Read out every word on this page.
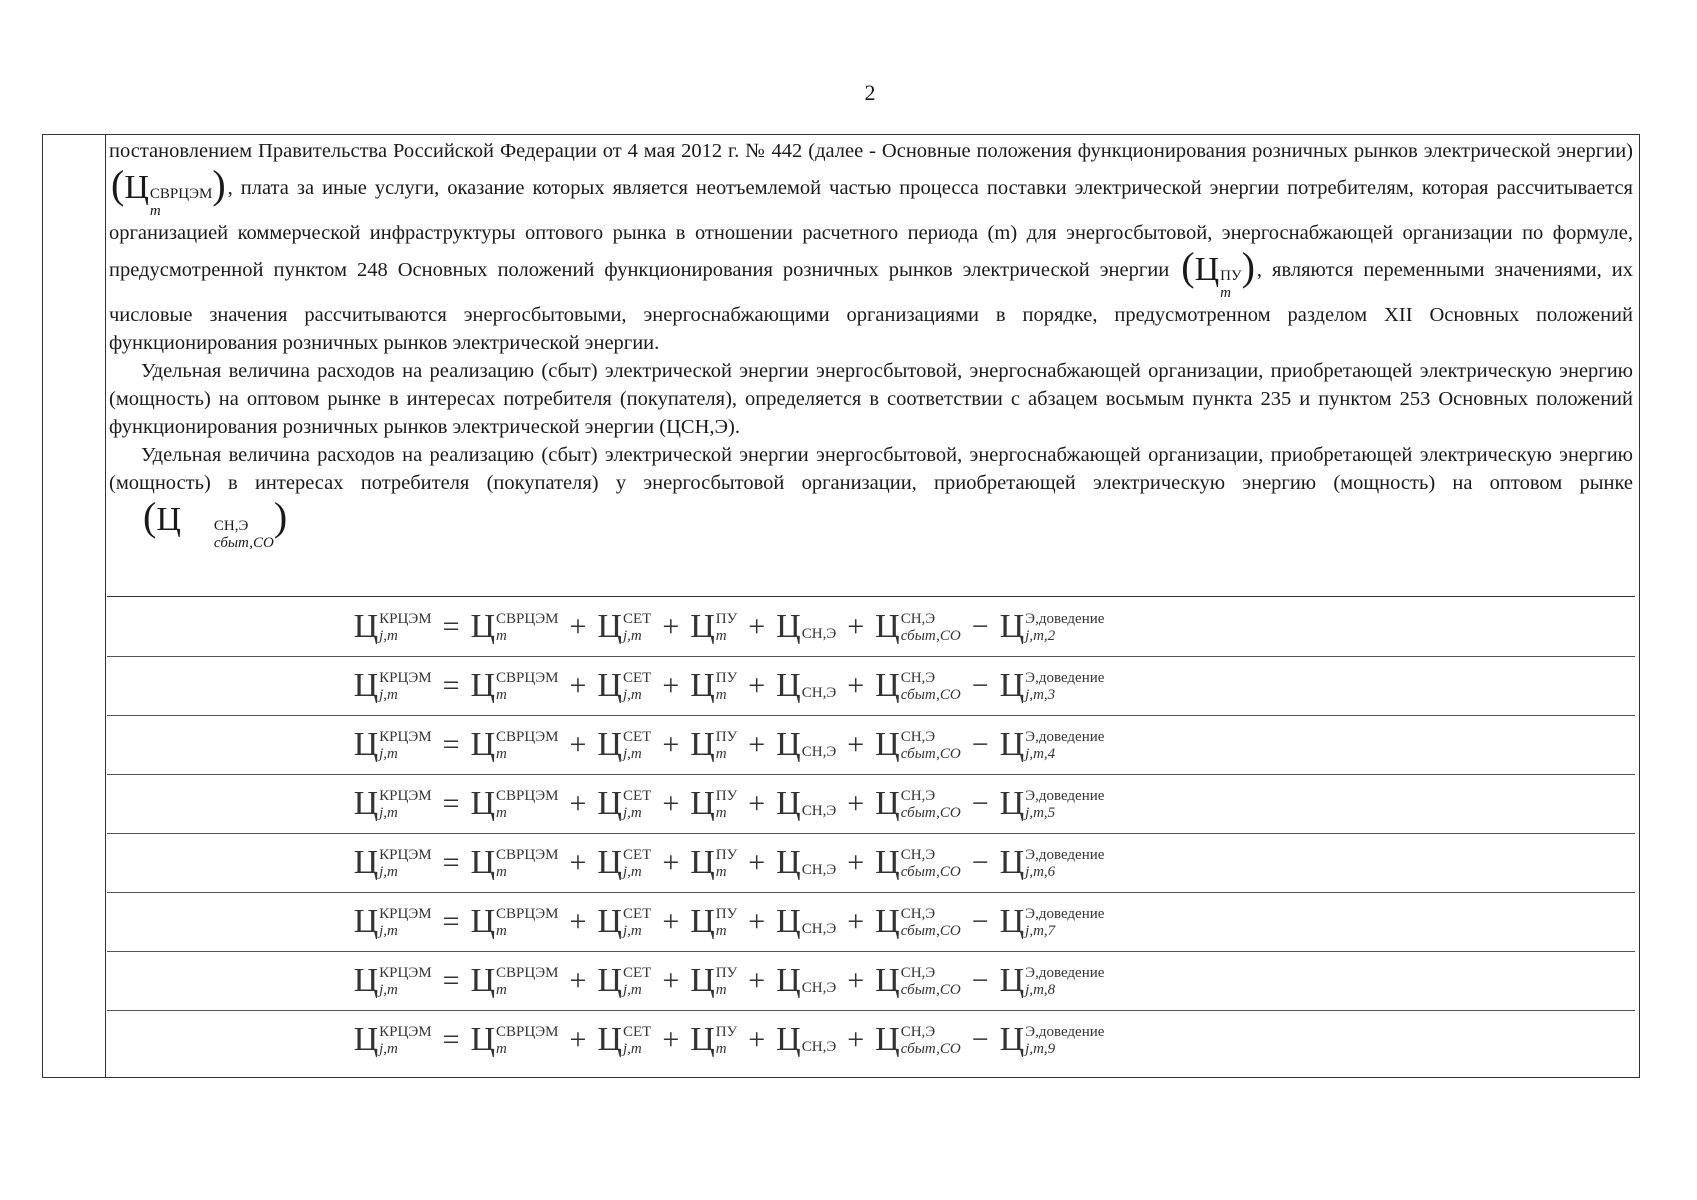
2

постановлением Правительства Российской Федерации от 4 мая 2012 г. № 442 (далее - Основные положения функционирования розничных рынков электрической энергии) (Ц СВРЦЭМ
m
), плата за иные услуги, оказание которых является неотъемлемой частью процесса поставки электрической энергии потребителям, которая рассчитывается организацией коммерческой инфраструктуры оптового рынка в отношении расчетного периода (m) для энергосбытовой, энергоснабжающей организации по формуле, предусмотренной пунктом 248 Основных положений функционирования розничных рынков электрической энергии (Ц ПУ
m
), являются переменными значениями, их числовые значения рассчитываются энергосбытовыми, энергоснабжающими организациями в порядке, предусмотренном разделом XII Основных положений функционирования розничных рынков электрической энергии.

Удельная величина расходов на реализацию (сбыт) электрической энергии энергосбытовой, энергоснабжающей организации, приобретающей электрическую энергию (мощность) на оптовом рынке в интересах потребителя (покупателя), определяется в соответствии с абзацем восьмым пункта 235 и пунктом 253 Основных положений функционирования розничных рынков электрической энергии (ЦСН,Э).

Удельная величина расходов на реализацию (сбыт) электрической энергии энергосбытовой, энергоснабжающей организации, приобретающей электрическую энергию (мощность) в интересах потребителя (покупателя) у энергосбытовой организации, приобретающей электрическую энергию (мощность) на оптовом рынке (Ц	СН,Э
сбыт,СО
)

Ц КРЦЭМ
j,m	= Ц СВРЦЭМ
m	+ Ц СЕТ
j,m + Ц ПУ
m + Ц СН,Э + Ц СН,Э
сбыт,СО − Ц Э,доведение
j,m,2
Ц КРЦЭМ
j,m	= Ц СВРЦЭМ
m	+ Ц СЕТ
j,m + Ц ПУ
m + Ц СН,Э + Ц СН,Э
сбыт,СО − Ц Э,доведение
j,m,3
Ц КРЦЭМ
j,m	= Ц СВРЦЭМ
m	+ Ц СЕТ
j,m + Ц ПУ
m + Ц СН,Э + Ц СН,Э
сбыт,СО − Ц Э,доведение
j,m,4
Ц КРЦЭМ
j,m	= Ц СВРЦЭМ
m	+ Ц СЕТ
j,m + Ц ПУ
m + Ц СН,Э + Ц СН,Э
сбыт,СО − Ц Э,доведение
j,m,5
Ц КРЦЭМ
j,m	= Ц СВРЦЭМ
m	+ Ц СЕТ
j,m + Ц ПУ
m + Ц СН,Э + Ц СН,Э
сбыт,СО − Ц Э,доведение
j,m,6
Ц КРЦЭМ
j,m	= Ц СВРЦЭМ
m	+ Ц СЕТ
j,m + Ц ПУ
m + Ц СН,Э + Ц СН,Э
сбыт,СО − Ц Э,доведение
j,m,7
Ц КРЦЭМ
j,m	= Ц СВРЦЭМ
m	+ Ц СЕТ
j,m + Ц ПУ
m + Ц СН,Э + Ц СН,Э
сбыт,СО − Ц Э,доведение
j,m,8
Ц КРЦЭМ
j,m	= Ц СВРЦЭМ
m	+ Ц СЕТ
j,m + Ц ПУ
m + Ц СН,Э + Ц СН,Э
сбыт,СО − Ц Э,доведение
j,m,9
